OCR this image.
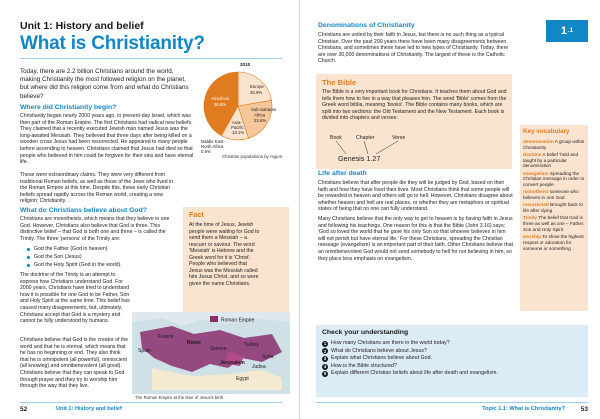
Unit 1: History and belief
What is Christianity?
Today, there are 2.2 billion Christians around the world, making Christianity the most followed religion on the planet, but where did this religion come from and what do Christians believe?
2010
Europe
25.9%
Sub-Saharan
Africa
23.6%
Asia-
Pacific
13.1%
American
36.8%
Middle East-
North Africa
0.6%
Christian populations by region.
Where did Christianity begin?
Christianity began nearly 2000 years ago, in present-day Israel, which was then part of the Roman Empire. The first Christians had radical new beliefs. They claimed that a recently executed Jewish man named Jesus was the long-awaited Messiah. They believed that three days after being killed on a wooden cross Jesus had been resurrected. He appeared to many people before ascending to heaven. Christians claimed that Jesus had died so that people who believed in him could be forgiven for their sins and have eternal life.
These were extraordinary claims. They were very different from traditional Roman beliefs, as well as those of the Jews who lived in the Roman Empire at this time. Despite this, these early Christian beliefs spread rapidly across the Roman world, creating a new religion: Christianity.
What do Christians believe about God?
Christians are monotheists, which means that they believe in one God. However, Christians also believe that God is three. This distinctive belief – that God is both one and three – is called the Trinity. The three 'persons' of the Trinity are:
God the Father (God in heaven)
God the Son (Jesus)
God the Holy Spirit (God in the world).
The doctrine of the Trinity is an attempt to express how Christians understand God. For 2000 years, Christians have tried to understand how it is possible for one God to be Father, Son and Holy Spirit at the same time. This belief has caused many disagreements, but, ultimately, Christians accept that God is a mystery and cannot be fully understood by humans.
Christians believe that God is the creator of the world and that he is eternal, which means that he has no beginning or end. They also think that he is omnipotent (all powerful), omniscient (all knowing) and omnibenevolent (all good). Christians believe that they can speak to God through prayer and they try to worship him through the way that they live.
Fact
At the time of Jesus, Jewish people were waiting for God to send them a Messiah – a rescuer or saviour. The word 'Messiah' is Hebrew and the Greek word for it is 'Christ'. People who believed that Jesus was the Messiah called him Jesus Christ, and so were given the name Christians.
Roman Empire
France
Rome
Greece
Turkey
Syria
Spain
Jerusalem
Judea
Egypt
The Roman Empire at the time of Jesus's birth.
52	Unit 1: History and belief
Denominations of Christianity
Christians are united by their faith in Jesus, but there is no such thing as a typical Christian. Over the past 200 years there have been many disagreements between Christians, and sometimes these have led to new types of Christianity. Today, there are over 30,000 denominations of Christianity. The largest of these is the Catholic Church.
1 .1
The Bible
The Bible is a very important book for Christians. It teaches them about God and tells them how to live in a way that pleases him. The word 'Bible' comes from the Greek word biblia, meaning 'books'. The Bible contains many books, which are split into two sections: the Old Testament and the New Testament. Each book is divided into chapters and verses:
Book	Chapter	Verse
Genesis 1.27
Life after death
Christians believe that after people die they will be judged by God, based on their faith and how they have lived their lives. Most Christians think that some people will be rewarded in heaven and others will go to hell. However, Christians disagree about whether heaven and hell are real places, or whether they are metaphors or spiritual states of being that no one can fully understand.
Many Christians believe that the only way to get to heaven is by having faith in Jesus and following his teachings. One reason for this is that the Bible (John 3.16) says: 'God so loved the world that he gave his only Son so that whoever believes in him will not perish but have eternal life.' For these Christians, spreading the Christian message (evangelism) is an important part of their faith. Other Christians believe that an omnibenevolent God would not send somebody to hell for not believing in him, so they place less emphasis on evangelism.
Key vocabulary
denomination A group within Christianity
doctrine A belief 'held and taught by a particular denomination
evangelism Spreading the Christian message in order to convert people
monotheist someone who believes in one God
resurrected Brought back to life after dying
Trinity The belief that God is three as well as one – Father, Son and Holy Spirit
worship To show the highest respect or adoration for someone or something
Check your understanding
1 How many Christians are there in the world today?
2 What do Christians believe about Jesus?
3 Explain what Christians believe about God.
4 How is the Bible structured?
5 Explain different Christian beliefs about life after death and evangelism.
Topic 1.1: What is Christianity? 53
